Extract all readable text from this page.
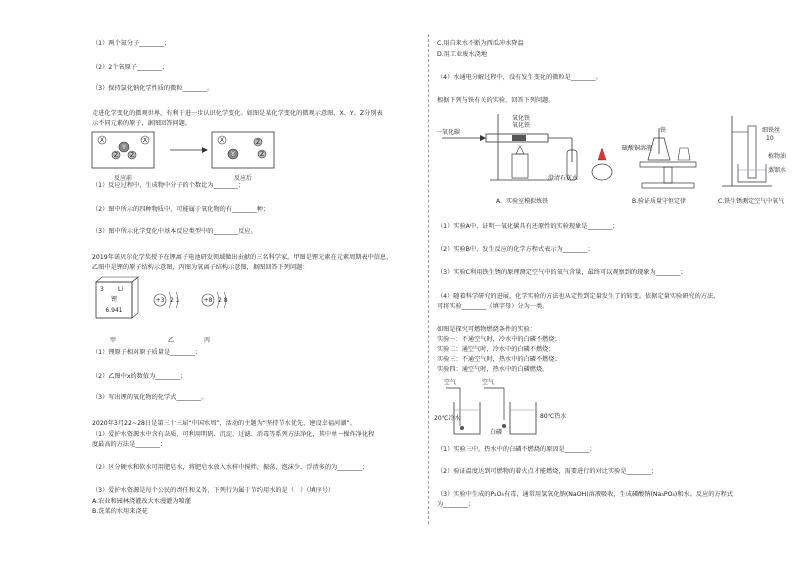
（1）两个氮分子________；
（2）2个氧原子________；
（3）保持氯化钠化学性质的微粒________。
走进化学变化的微观世界，有利于进一步认识化学变化。如图是某化学变化的微观示意图，X、Y、Z分别表
示不同元素的原子，据图回答问题。
X	X
Y
Z Z
X
Y
Z
Z
反应前	反应后
（1）反应过程中，生成物中分子的个数比为________；
（2）图中所示的四种物质中，可能属于氧化物的有________种；
（3）图中所示化学变化中基本反应类型中的________反应。
2019年诺贝尔化学奖授予在锂离子电池研发领域做出贡献的三名科学家。甲图是锂元素在元素周期表中信息，
乙图中是锂的原子结构示意图，丙图为氧离子结构示意图，据图回答下列问题：
3 Li
锂
6.941
+3 2 1	+8 2 8
甲	乙	丙
（1）锂原子相对原子质量是________；
（2）乙图中x的数值为________；
（3）写出锂的氧化物的化学式________。
2020年3月22~28日是第三十三届“中国水周”，活动的主题为“坚持节水优先，建设幸福河湖”。
（1）爱护水资源水中含有杂质，可利用明矾、沉淀、过滤、消毒等系列方法净化，其中单一操作净化程
度最高的方法是________；
（2）区分硬水和软水可用肥皂水，将肥皂水放入水样中搅拌，振荡，泡沫少，浮渣多的为________；
（3）爱护水资源是每个公民的责任和义务，下列行为属于节约用水的是（　）（填序号）
A.农业和园林浇灌改大水漫灌为喷灌
B.洗菜的水用来浇花
C.用自来水不断为西瓜冲水降温
D.用工业废水浇地
（4）水通电分解过程中，没有发生变化的微粒是________。
根据下列与铁有关的实验，回答下列问题。
一氧化碳
氧化铁
氧化铁
澄清石灰水
A．实验室模拟炼铁
硫酸铜溶液
铁
B.验证质量守恒定律
细铁丝
10
植物油
蒸馏水
C.铁生锈测定空气中氧气
（1）实验A中，证明一氧化碳具有还原性的实验现象是________；
（2）实验B中，发生反应的化学方程式表示为________；
（3）实验C利用铁生锈的原理测定空气中的氧气含量，最终可以观察到的现象为________；
（4）随着科学研究的进展，化学实验的方法也从定性到定量发生了的转变。依据定量实验研究的方法，
可将实验________（填字母）分为一类。
如图是探究可燃物燃烧条件的实验：
实验一：不通空气时，冷水中的白磷不燃烧；
实验二：通空气时，冷水中的白磷不燃烧；
实验三：不通空气时，热水中的白磷不燃烧；
实验四：通空气时，热水中的白磷燃烧。
空气	空气
20℃冷水
白磷
80℃热水
（1）实验三中，热水中的白磷不燃烧的原因是________；
（2）验证温度达到可燃物的着火点才能燃烧，需要进行的对比实验是________；
（3）实验中生成的P₂O₅有毒，通常用氢氧化钠(NaOH)溶液吸收，生成磷酸钠(Na₃PO₄)和水。反应的方程式
为________；
